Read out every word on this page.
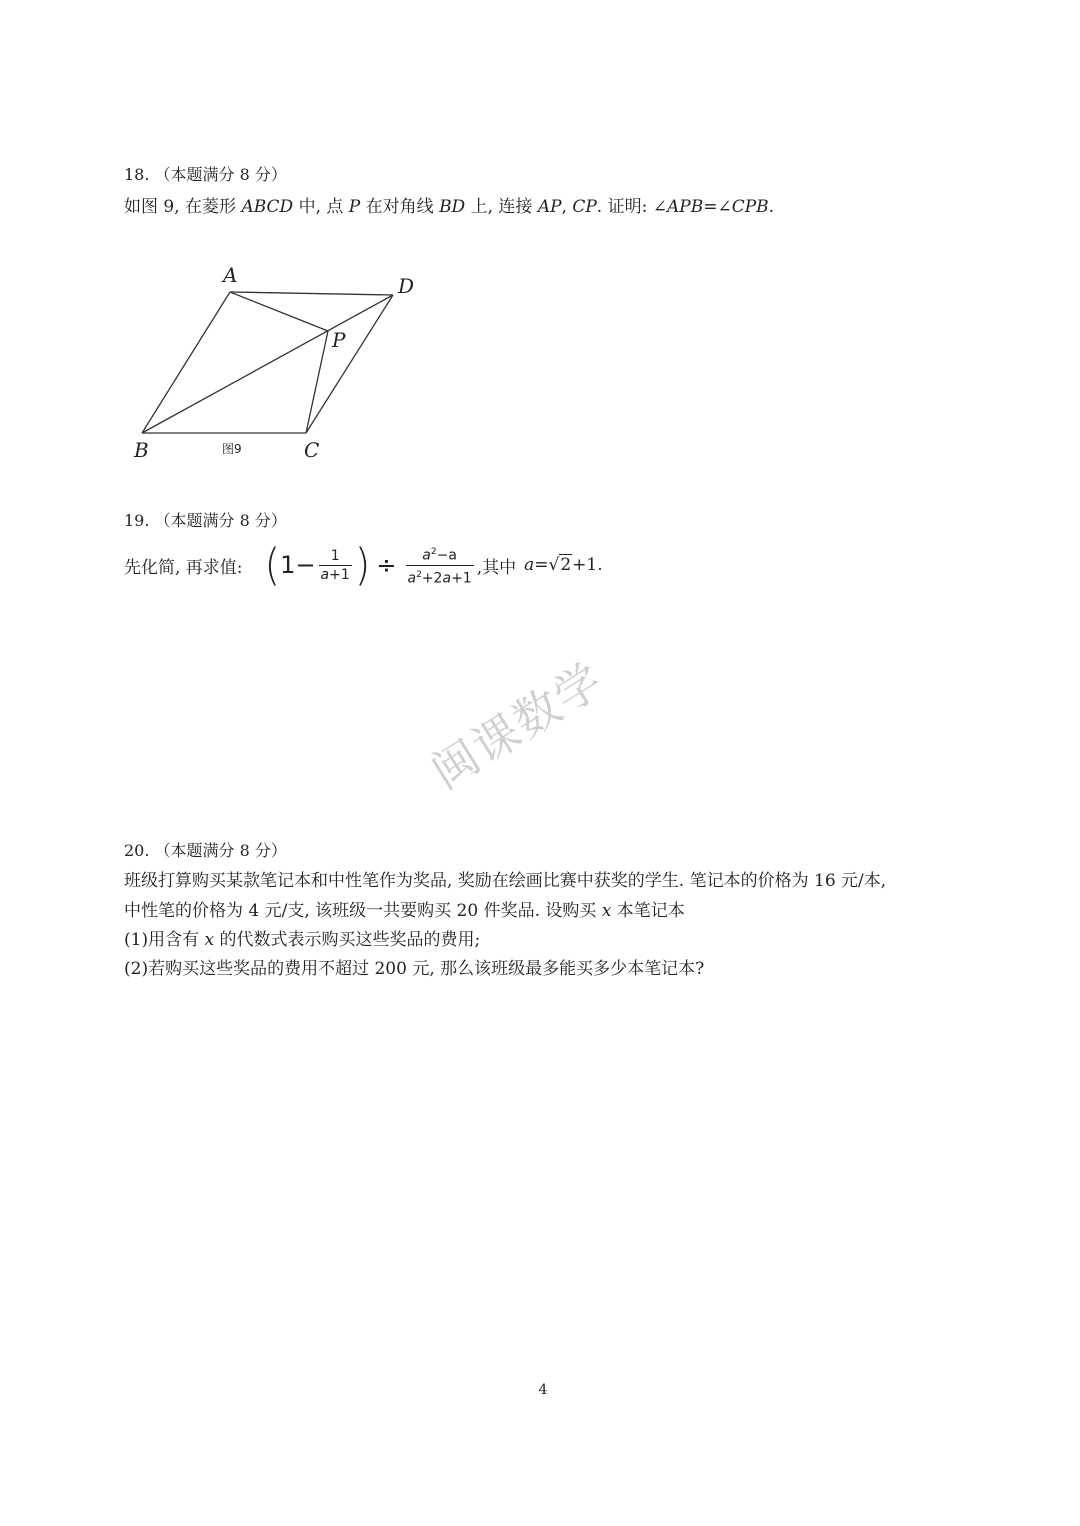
18. （本题满分 8 分）
如图 9, 在菱形 ABCD 中, 点 P 在对角线 BD 上, 连接 AP, CP. 证明: ∠APB=∠CPB.
A	D
P
B	C
图9
19. （本题满分 8 分）
先化简, 再求值: ( $1 - \frac{1}{a+1}$ ) ÷ $\frac{a^2-a}{a^2+2a+1}$ ,其中 a=√2+1.
闽课数学
20. （本题满分 8 分）
班级打算购买某款笔记本和中性笔作为奖品, 奖励在绘画比赛中获奖的学生. 笔记本的价格为 16 元/本,
中性笔的价格为 4 元/支, 该班级一共要购买 20 件奖品. 设购买 x 本笔记本
(1)用含有 x 的代数式表示购买这些奖品的费用;
(2)若购买这些奖品的费用不超过 200 元, 那么该班级最多能买多少本笔记本?
4
